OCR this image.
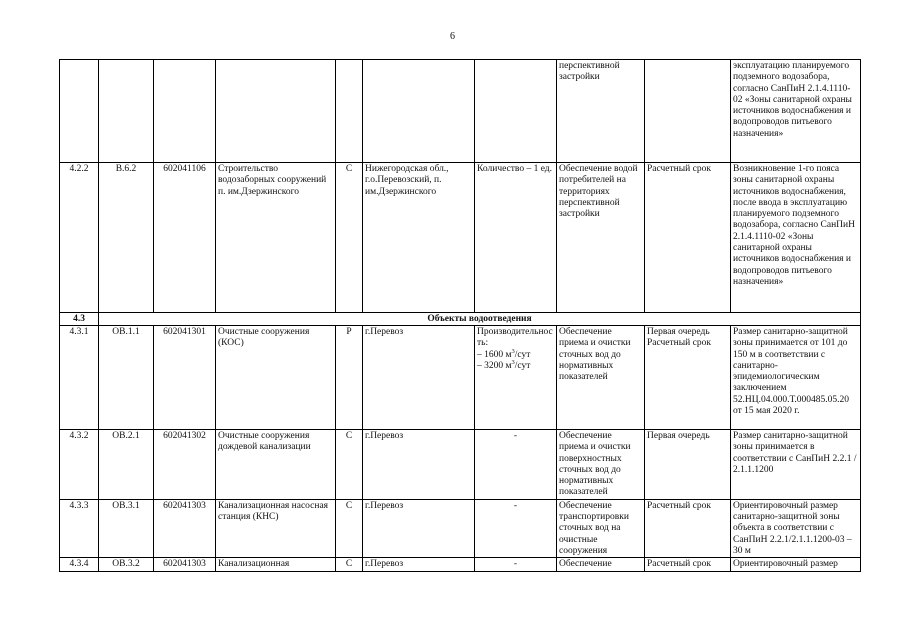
6
							перспективной застройки		эксплуатацию планируемого подземного водозабора, согласно СанПиН 2.1.4.1110-02 «Зоны санитарной охраны источников водоснабжения и водопроводов питьевого назначения»
4.2.2	В.6.2	602041106	Строительство водозаборных сооружений п. им.Дзержинского	С	Нижегородская обл., г.о.Перевозский, п. им.Дзержинского	Количество – 1 ед.	Обеспечение водой потребителей на территориях перспективной застройки	Расчетный срок	Возникновение 1-го пояса зоны санитарной охраны источников водоснабжения, после ввода в эксплуатацию планируемого подземного водозабора, согласно СанПиН 2.1.4.1110-02 «Зоны санитарной охраны источников водоснабжения и водопроводов питьевого назначения»
4.3	Объекты водоотведения								
4.3.1	ОВ.1.1	602041301	Очистные сооружения (КОС)	Р	г.Перевоз	Производительность:
– 1600 $м^3$/сут
– 3200 $м^3$/сут	Обеспечение приема и очистки сточных вод до нормативных показателей	Первая очередь Расчетный срок	Размер санитарно-защитной зоны принимается от 101 до 150 м в соответствии с санитарно-эпидемиологическим заключением 52.НЦ.04.000.Т.000485.05.20 от 15 мая 2020 г.
4.3.2	ОВ.2.1	602041302	Очистные сооружения дождевой канализации	С	г.Перевоз	-	Обеспечение приема и очистки поверхностных сточных вод до нормативных показателей	Первая очередь	Размер санитарно-защитной зоны принимается в соответствии с СанПиН 2.2.1 / 2.1.1.1200
4.3.3	ОВ.3.1	602041303	Канализационная насосная станция (КНС)	С	г.Перевоз	-	Обеспечение транспортировки сточных вод на очистные сооружения	Расчетный срок	Ориентировочный размер санитарно-защитной зоны объекта в соответствии с СанПиН 2.2.1/2.1.1.1200-03 – 30 м
4.3.4	ОВ.3.2	602041303	Канализационная	С	г.Перевоз	-	Обеспечение	Расчетный срок	Ориентировочный размер
